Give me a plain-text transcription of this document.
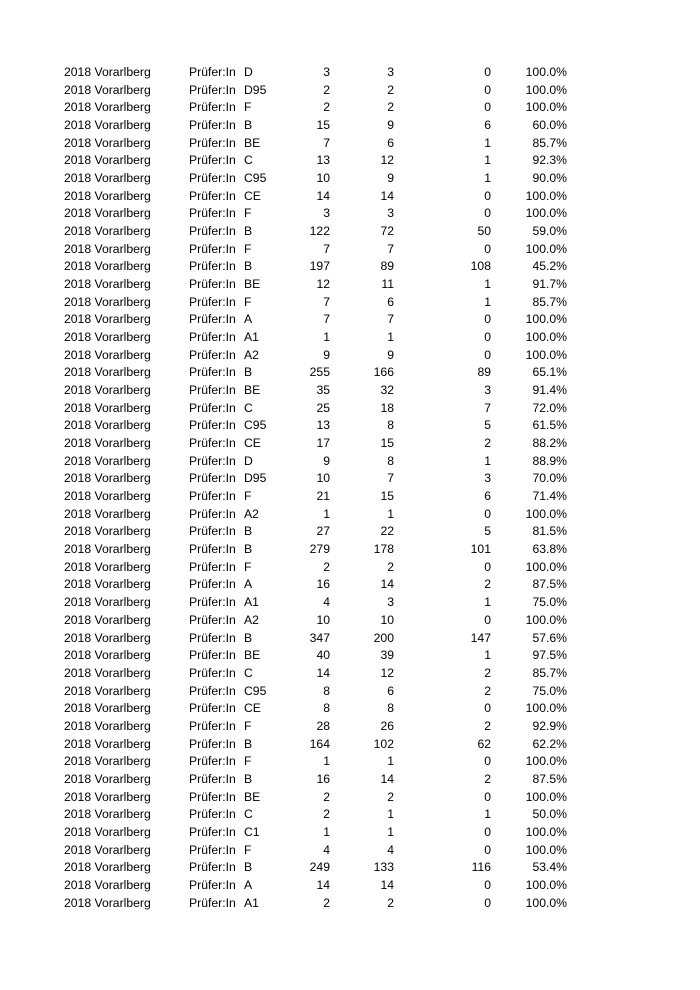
2018 Vorarlberg	Prüfer:In D	3	3	0	100.0%
2018 Vorarlberg	Prüfer:In D95	2	2	0	100.0%
2018 Vorarlberg	Prüfer:In F	2	2	0	100.0%
2018 Vorarlberg	Prüfer:In B	15	9	6	60.0%
2018 Vorarlberg	Prüfer:In BE	7	6	1	85.7%
2018 Vorarlberg	Prüfer:In C	13	12	1	92.3%
2018 Vorarlberg	Prüfer:In C95	10	9	1	90.0%
2018 Vorarlberg	Prüfer:In CE	14	14	0	100.0%
2018 Vorarlberg	Prüfer:In F	3	3	0	100.0%
2018 Vorarlberg	Prüfer:In B	122	72	50	59.0%
2018 Vorarlberg	Prüfer:In F	7	7	0	100.0%
2018 Vorarlberg	Prüfer:In B	197	89	108	45.2%
2018 Vorarlberg	Prüfer:In BE	12	11	1	91.7%
2018 Vorarlberg	Prüfer:In F	7	6	1	85.7%
2018 Vorarlberg	Prüfer:In A	7	7	0	100.0%
2018 Vorarlberg	Prüfer:In A1	1	1	0	100.0%
2018 Vorarlberg	Prüfer:In A2	9	9	0	100.0%
2018 Vorarlberg	Prüfer:In B	255	166	89	65.1%
2018 Vorarlberg	Prüfer:In BE	35	32	3	91.4%
2018 Vorarlberg	Prüfer:In C	25	18	7	72.0%
2018 Vorarlberg	Prüfer:In C95	13	8	5	61.5%
2018 Vorarlberg	Prüfer:In CE	17	15	2	88.2%
2018 Vorarlberg	Prüfer:In D	9	8	1	88.9%
2018 Vorarlberg	Prüfer:In D95	10	7	3	70.0%
2018 Vorarlberg	Prüfer:In F	21	15	6	71.4%
2018 Vorarlberg	Prüfer:In A2	1	1	0	100.0%
2018 Vorarlberg	Prüfer:In B	27	22	5	81.5%
2018 Vorarlberg	Prüfer:In B	279	178	101	63.8%
2018 Vorarlberg	Prüfer:In F	2	2	0	100.0%
2018 Vorarlberg	Prüfer:In A	16	14	2	87.5%
2018 Vorarlberg	Prüfer:In A1	4	3	1	75.0%
2018 Vorarlberg	Prüfer:In A2	10	10	0	100.0%
2018 Vorarlberg	Prüfer:In B	347	200	147	57.6%
2018 Vorarlberg	Prüfer:In BE	40	39	1	97.5%
2018 Vorarlberg	Prüfer:In C	14	12	2	85.7%
2018 Vorarlberg	Prüfer:In C95	8	6	2	75.0%
2018 Vorarlberg	Prüfer:In CE	8	8	0	100.0%
2018 Vorarlberg	Prüfer:In F	28	26	2	92.9%
2018 Vorarlberg	Prüfer:In B	164	102	62	62.2%
2018 Vorarlberg	Prüfer:In F	1	1	0	100.0%
2018 Vorarlberg	Prüfer:In B	16	14	2	87.5%
2018 Vorarlberg	Prüfer:In BE	2	2	0	100.0%
2018 Vorarlberg	Prüfer:In C	2	1	1	50.0%
2018 Vorarlberg	Prüfer:In C1	1	1	0	100.0%
2018 Vorarlberg	Prüfer:In F	4	4	0	100.0%
2018 Vorarlberg	Prüfer:In B	249	133	116	53.4%
2018 Vorarlberg	Prüfer:In A	14	14	0	100.0%
2018 Vorarlberg	Prüfer:In A1	2	2	0	100.0%
